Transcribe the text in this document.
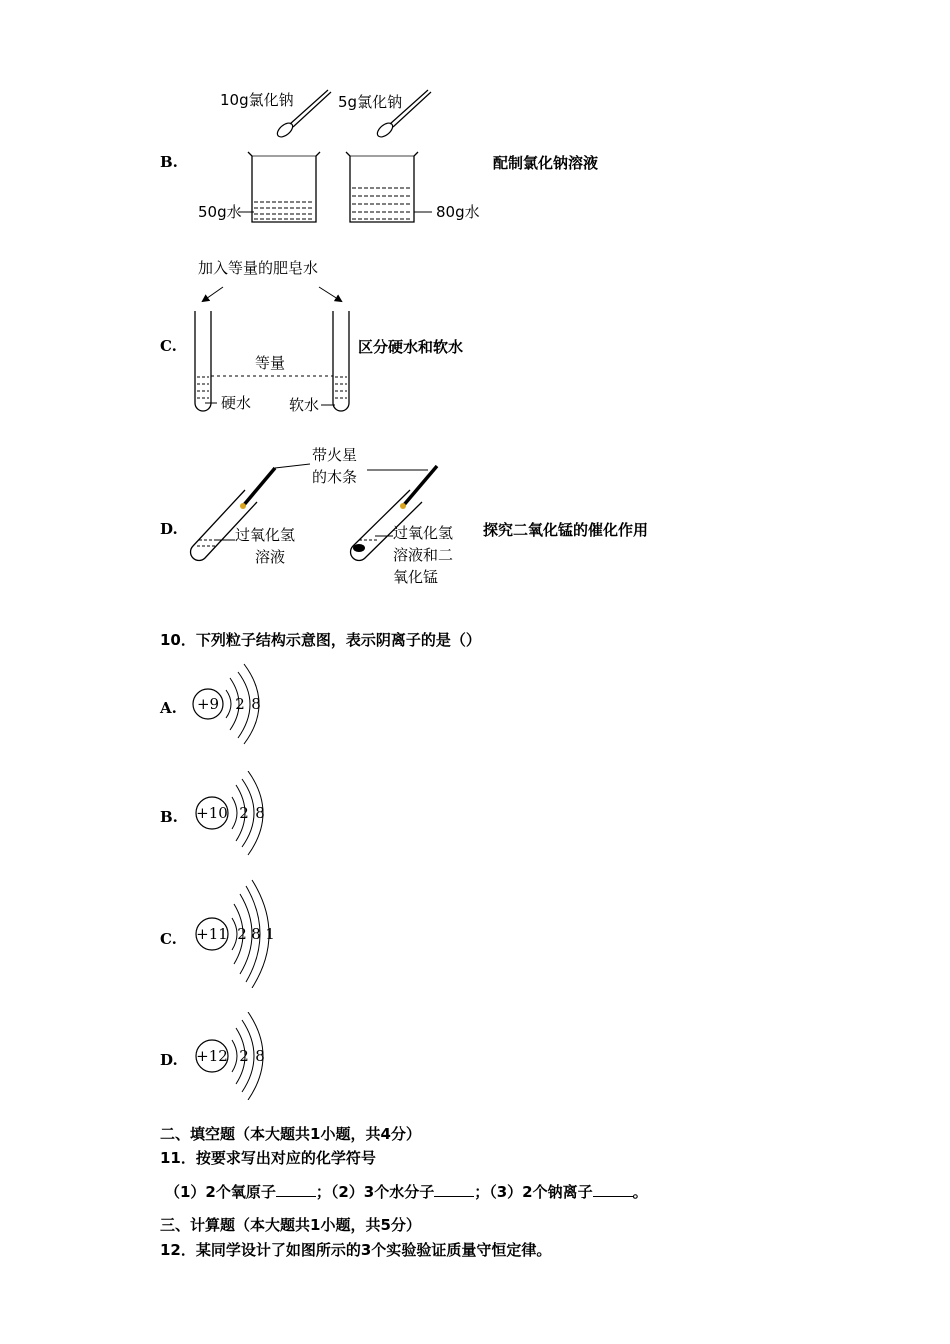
B.
10g氯化钠	5g氯化钠
50g水	80g水
配制氯化钠溶液
C.
加入等量的肥皂水
等量
硬水	软水
区分硬水和软水
D.
带火星
的木条
过氧化氢
溶液
过氧化氢
溶液和二
氧化锰
探究二氧化锰的催化作用
10．下列粒子结构示意图，表示阴离子的是（）
A. +9 2 8
B. +10 2 8
C. +11 2 8 1
D. +12 2 8
二、填空题（本大题共1小题，共4分）
11．按要求写出对应的化学符号
（1）2个氧原子	；（2）3个水分子	；（3）2个钠离子	。
三、计算题（本大题共1小题，共5分）
12．某同学设计了如图所示的3个实验验证质量守恒定律。
